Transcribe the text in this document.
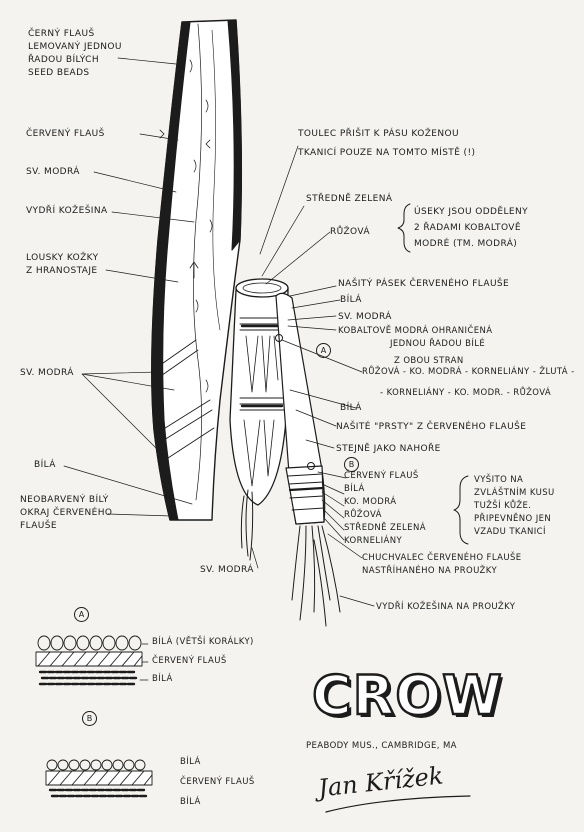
ČERNÝ FLAUŠ
LEMOVANÝ JEDNOU
ŘADOU BÍLÝCH
SEED BEADS
ČERVENÝ FLAUŠ
SV. MODRÁ
VYDŘÍ KOŽEŠINA
LOUSKY KOŽKY
Z HRANOSTAJE
SV. MODRÁ
BÍLÁ
NEOBARVENÝ BÍLÝ
OKRAJ ČERVENÉHO
FLAUŠE
SV. MODRÁ
TOULEC PŘIŠIT K PÁSU KOŽENOU
TKANICÍ POUZE NA TOMTO MÍSTĚ (!)
STŘEDNĚ ZELENÁ
RŮŽOVÁ
ÚSEKY JSOU ODDĚLENY
2 ŘADAMI KOBALTOVĚ
MODRÉ (TM. MODRÁ)
NAŠITÝ PÁSEK ČERVENÉHO FLAUŠE
BÍLÁ
SV. MODRÁ
KOBALTOVĚ MODRÁ OHRANIČENÁ
JEDNOU ŘADOU BÍLÉ
Z OBOU STRAN
A
RŮŽOVÁ - KO. MODRÁ - KORNELIÁNY - ŽLUTÁ -
- KORNELIÁNY - KO. MODR. - RŮŽOVÁ
BÍLÁ
NAŠITÉ "PRSTY" Z ČERVENÉHO FLAUŠE
STEJNĚ JAKO NAHOŘE
B
ČERVENÝ FLAUŠ
BÍLÁ
KO. MODRÁ
RŮŽOVÁ
STŘEDNĚ ZELENÁ
KORNELIÁNY
VYŠITO NA
ZVLÁŠTNÍM KUSU
TUŽŠÍ KŮŽE.
PŘIPEVNĚNO JEN
VZADU TKANICÍ
CHUCHVALEC ČERVENÉHO FLAUŠE
NASTŘÍHANÉHO NA PROUŽKY
VYDŘÍ KOŽEŠINA NA PROUŽKY
A
BÍLÁ (VĚTŠÍ KORÁLKY)
ČERVENÝ FLAUŠ
BÍLÁ
B
BÍLÁ
ČERVENÝ FLAUŠ
BÍLÁ
CROW
PEABODY MUS., CAMBRIDGE, MA
Jan Křížek
